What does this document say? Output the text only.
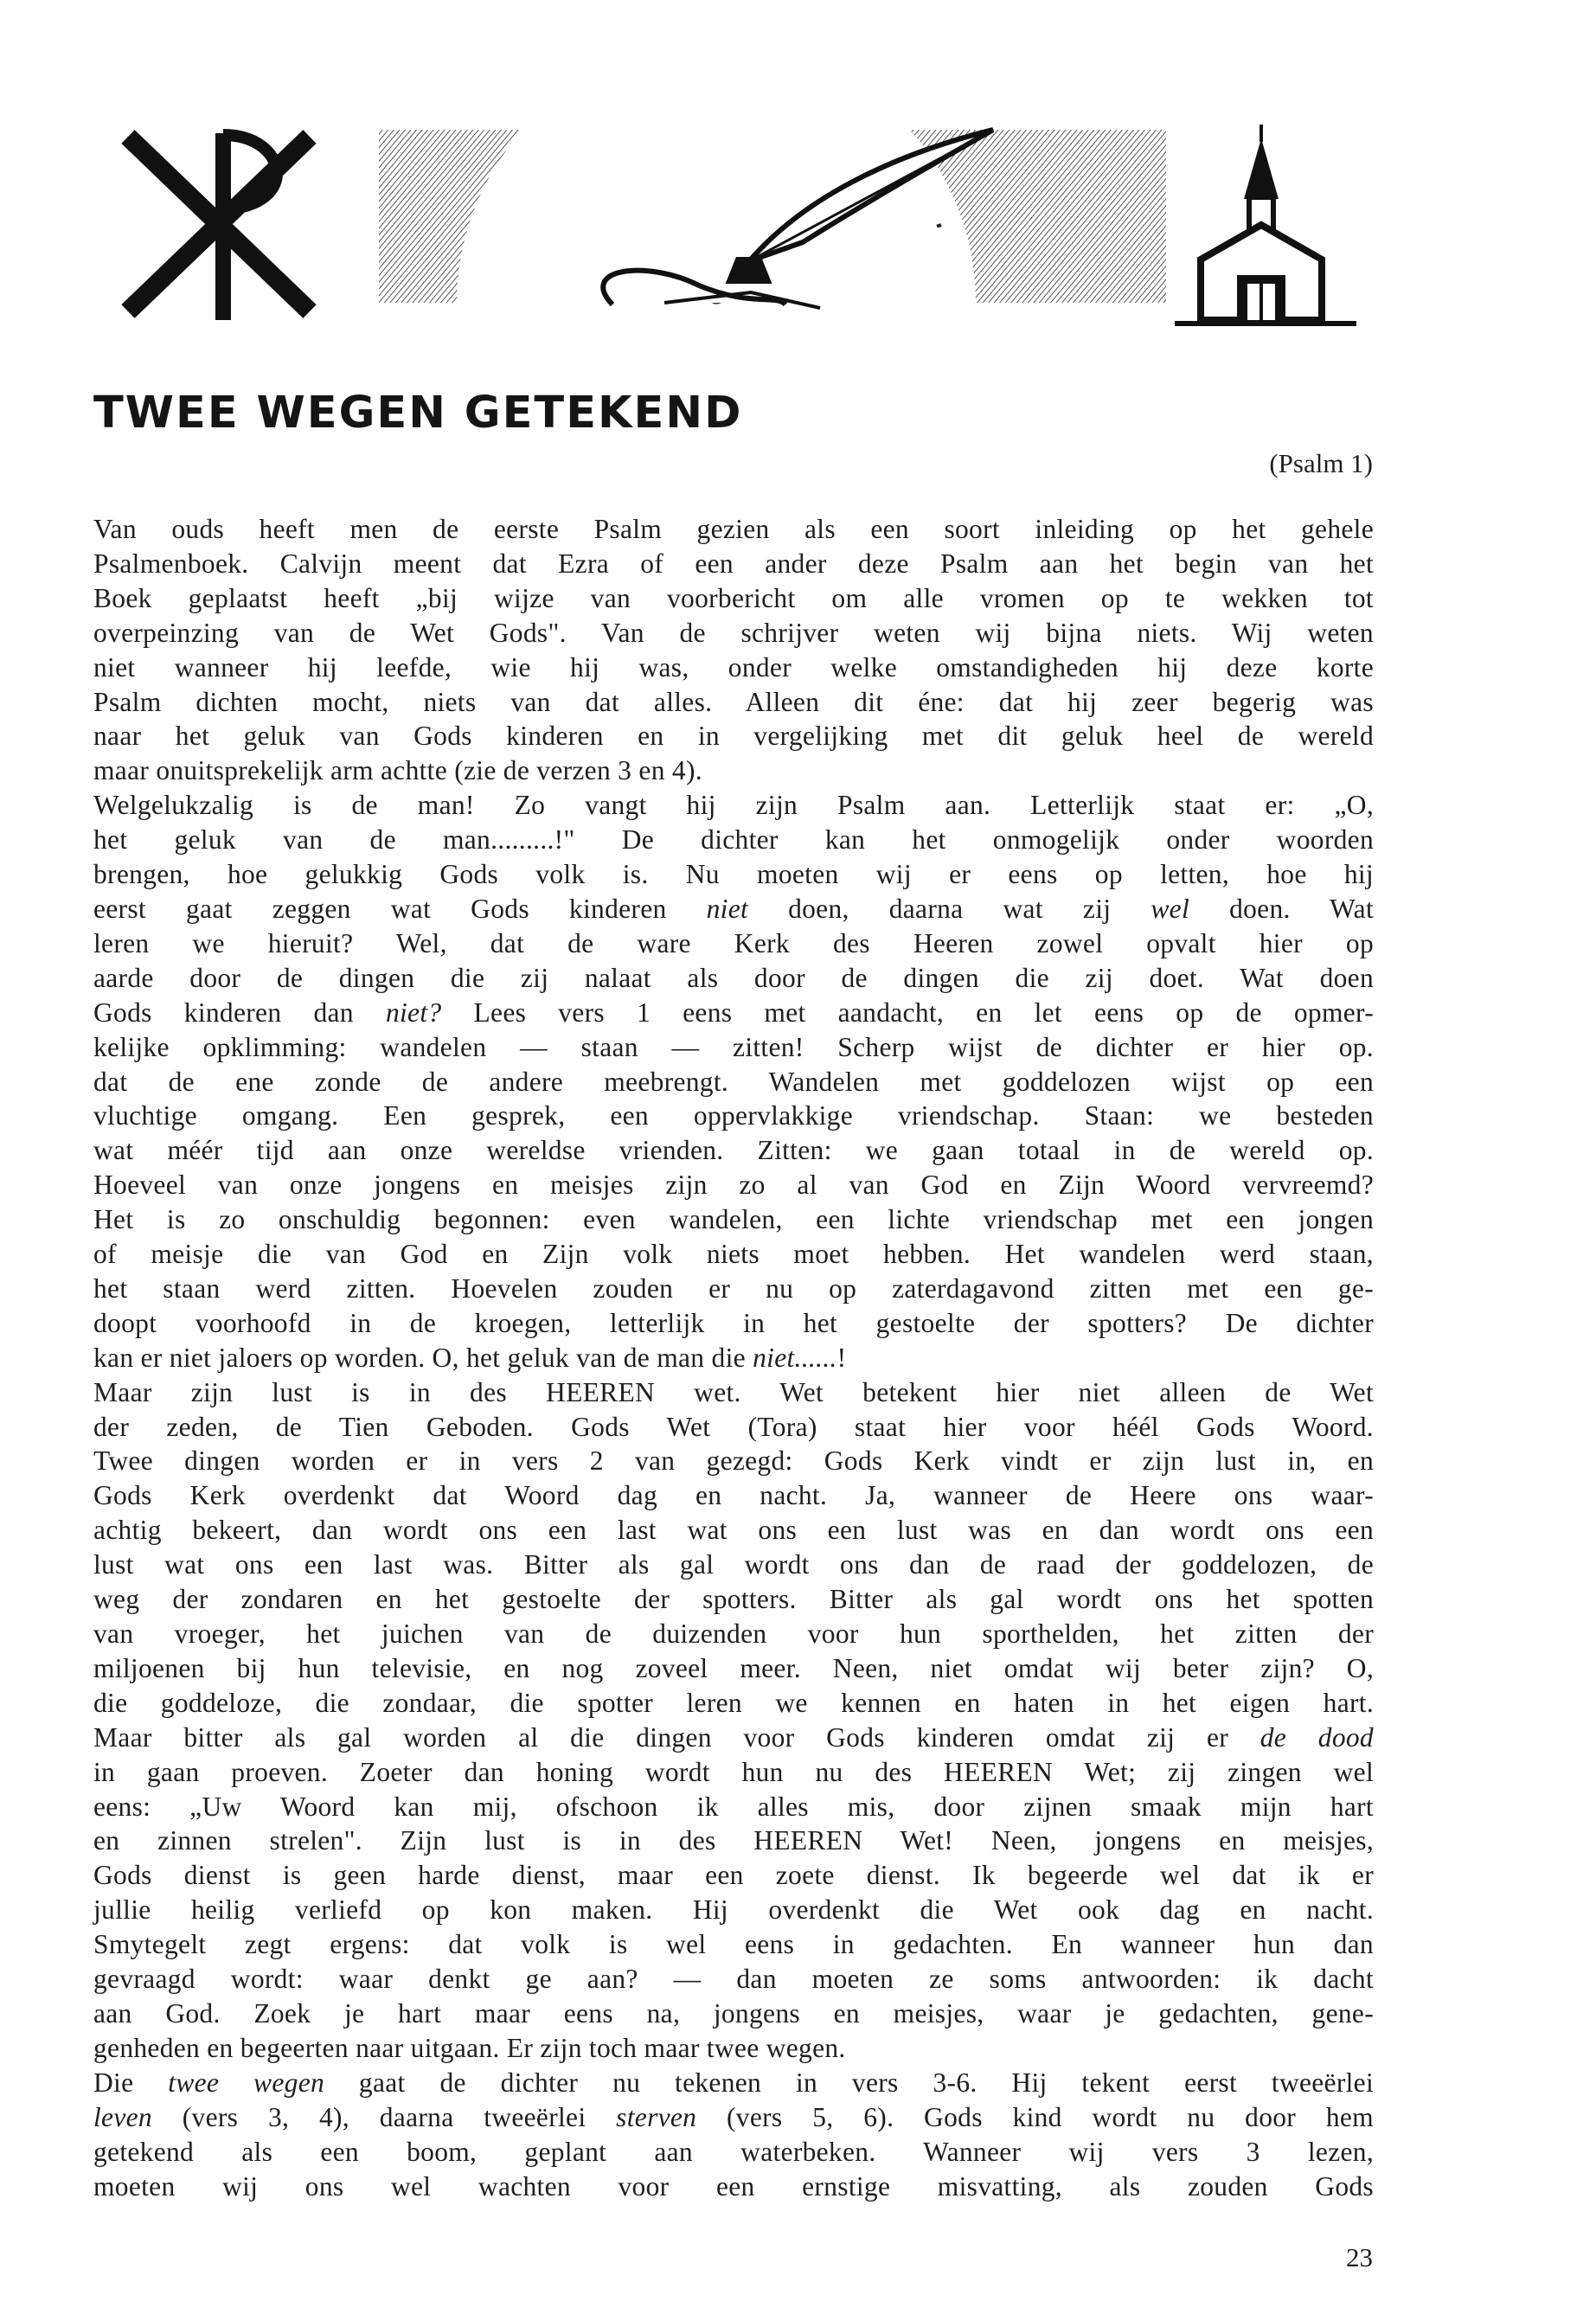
TWEE WEGEN GETEKEND
(Psalm 1)

Van ouds heeft men de eerste Psalm gezien als een soort inleiding op het gehele

Psalmenboek. Calvijn meent dat Ezra of een ander deze Psalm aan het begin van het

Boek geplaatst heeft „bij wijze van voorbericht om alle vromen op te wekken tot

overpeinzing van de Wet Gods". Van de schrijver weten wij bijna niets. Wij weten

niet wanneer hij leefde, wie hij was, onder welke omstandigheden hij deze korte

Psalm dichten mocht, niets van dat alles. Alleen dit éne: dat hij zeer begerig was

naar het geluk van Gods kinderen en in vergelijking met dit geluk heel de wereld

maar onuitsprekelijk arm achtte (zie de verzen 3 en 4).

Welgelukzalig is de man! Zo vangt hij zijn Psalm aan. Letterlijk staat er: „O,

het geluk van de man.........!" De dichter kan het onmogelijk onder woorden

brengen, hoe gelukkig Gods volk is. Nu moeten wij er eens op letten, hoe hij

eerst gaat zeggen wat Gods kinderen niet doen, daarna wat zij wel doen. Wat

leren we hieruit? Wel, dat de ware Kerk des Heeren zowel opvalt hier op

aarde door de dingen die zij nalaat als door de dingen die zij doet. Wat doen

Gods kinderen dan niet? Lees vers 1 eens met aandacht, en let eens op de opmer-

kelijke opklimming: wandelen — staan — zitten! Scherp wijst de dichter er hier op.

dat de ene zonde de andere meebrengt. Wandelen met goddelozen wijst op een

vluchtige omgang. Een gesprek, een oppervlakkige vriendschap. Staan: we besteden

wat méér tijd aan onze wereldse vrienden. Zitten: we gaan totaal in de wereld op.

Hoeveel van onze jongens en meisjes zijn zo al van God en Zijn Woord vervreemd?

Het is zo onschuldig begonnen: even wandelen, een lichte vriendschap met een jongen

of meisje die van God en Zijn volk niets moet hebben. Het wandelen werd staan,

het staan werd zitten. Hoevelen zouden er nu op zaterdagavond zitten met een ge-

doopt voorhoofd in de kroegen, letterlijk in het gestoelte der spotters? De dichter

kan er niet jaloers op worden. O, het geluk van de man die niet......!

Maar zijn lust is in des HEEREN wet. Wet betekent hier niet alleen de Wet

der zeden, de Tien Geboden. Gods Wet (Tora) staat hier voor héél Gods Woord.

Twee dingen worden er in vers 2 van gezegd: Gods Kerk vindt er zijn lust in, en

Gods Kerk overdenkt dat Woord dag en nacht. Ja, wanneer de Heere ons waar-

achtig bekeert, dan wordt ons een last wat ons een lust was en dan wordt ons een

lust wat ons een last was. Bitter als gal wordt ons dan de raad der goddelozen, de

weg der zondaren en het gestoelte der spotters. Bitter als gal wordt ons het spotten

van vroeger, het juichen van de duizenden voor hun sporthelden, het zitten der

miljoenen bij hun televisie, en nog zoveel meer. Neen, niet omdat wij beter zijn? O,

die goddeloze, die zondaar, die spotter leren we kennen en haten in het eigen hart.

Maar bitter als gal worden al die dingen voor Gods kinderen omdat zij er de dood

in gaan proeven. Zoeter dan honing wordt hun nu des HEEREN Wet; zij zingen wel

eens: „Uw Woord kan mij, ofschoon ik alles mis, door zijnen smaak mijn hart

en zinnen strelen". Zijn lust is in des HEEREN Wet! Neen, jongens en meisjes,

Gods dienst is geen harde dienst, maar een zoete dienst. Ik begeerde wel dat ik er

jullie heilig verliefd op kon maken. Hij overdenkt die Wet ook dag en nacht.

Smytegelt zegt ergens: dat volk is wel eens in gedachten. En wanneer hun dan

gevraagd wordt: waar denkt ge aan? — dan moeten ze soms antwoorden: ik dacht

aan God. Zoek je hart maar eens na, jongens en meisjes, waar je gedachten, gene-

genheden en begeerten naar uitgaan. Er zijn toch maar twee wegen.

Die twee wegen gaat de dichter nu tekenen in vers 3-6. Hij tekent eerst tweeërlei

leven (vers 3, 4), daarna tweeërlei sterven (vers 5, 6). Gods kind wordt nu door hem

getekend als een boom, geplant aan waterbeken. Wanneer wij vers 3 lezen,

moeten wij ons wel wachten voor een ernstige misvatting, als zouden Gods

23
